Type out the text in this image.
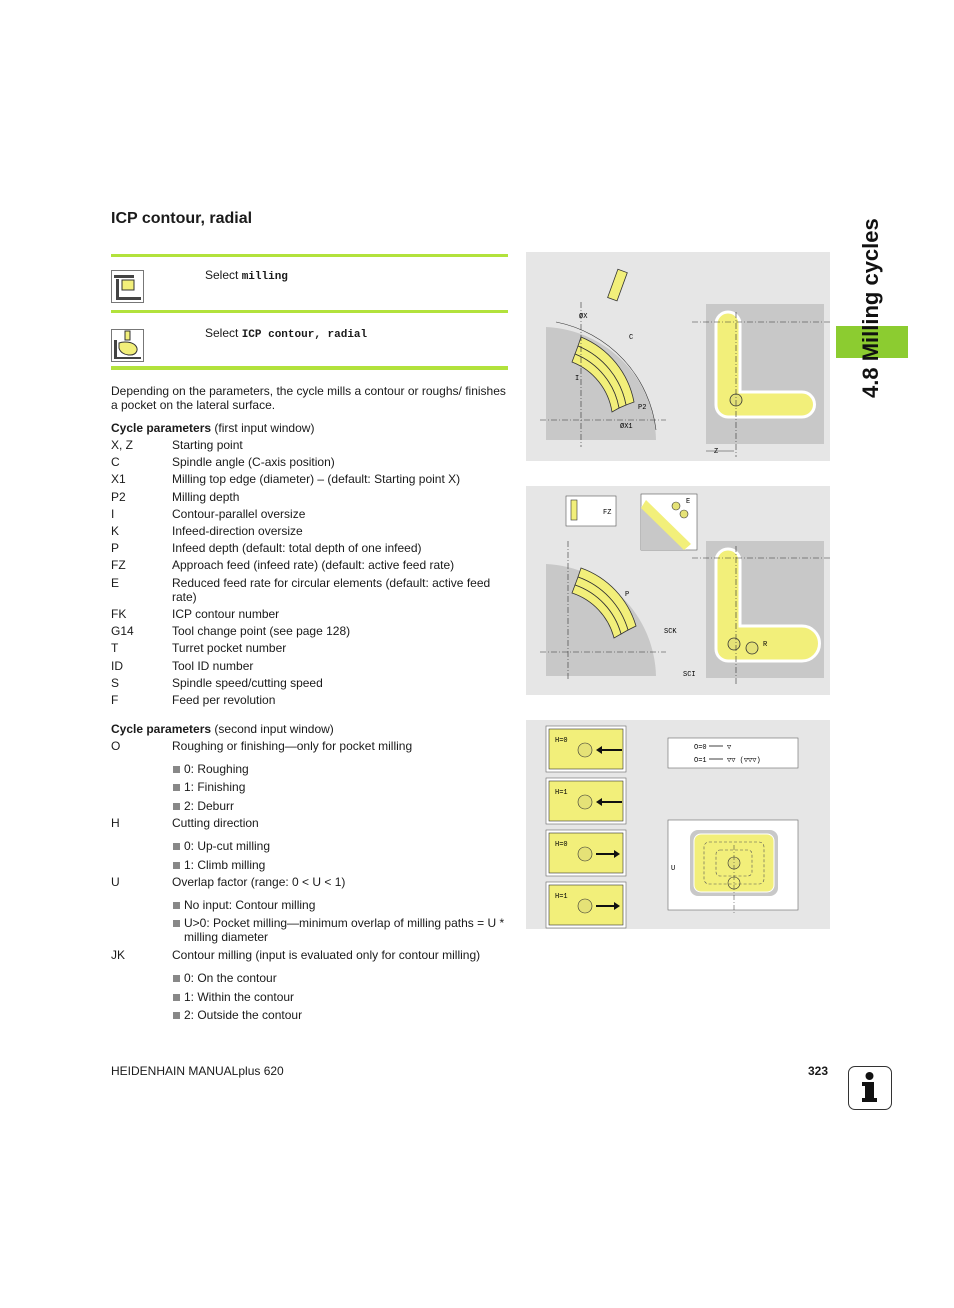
ICP contour, radial	4.8 Milling cycles
Select milling
Select ICP contour, radial
Depending on the parameters, the cycle mills a contour or roughs/ finishes a pocket on the lateral surface.
Cycle parameters (first input window)
X, Z	Starting point
C	Spindle angle (C-axis position)
X1	Milling top edge (diameter) – (default: Starting point X)
P2	Milling depth
I	Contour-parallel oversize
K	Infeed-direction oversize
P	Infeed depth (default: total depth of one infeed)
FZ	Approach feed (infeed rate) (default: active feed rate)
E	Reduced feed rate for circular elements (default: active feed rate)
FK	ICP contour number
G14	Tool change point (see page 128)
T	Turret pocket number
ID	Tool ID number
S	Spindle speed/cutting speed
F	Feed per revolution
Cycle parameters (second input window)
O	Roughing or finishing—only for pocket milling
0: Roughing
1: Finishing
2: Deburr
H	Cutting direction
0: Up-cut milling
1: Climb milling
U	Overlap factor (range: 0 < U < 1)
No input: Contour milling
U>0: Pocket milling—minimum overlap of milling paths = U * milling diameter
JK	Contour milling (input is evaluated only for contour milling)
0: On the contour
1: Within the contour
2: Outside the contour
ØX
C
I
P2
ØX1
Z
FZ
E
P
SCK
R
SCI
H=0
H=1
H=0
H=1
O=0	▽
O=1	▽▽ (▽▽▽)
U
HEIDENHAIN MANUALplus 620	323
